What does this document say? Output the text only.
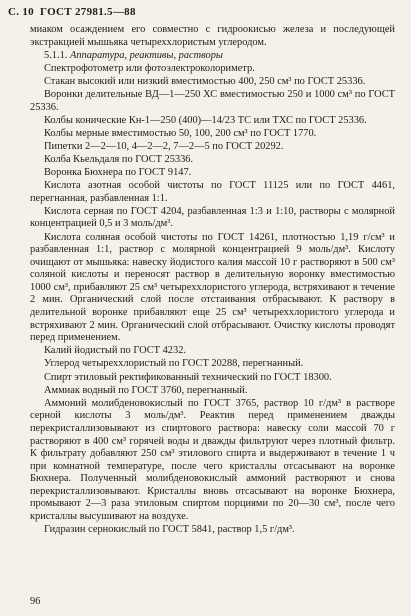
С. 10  ГОСТ 27981.5—88

миаком осаждением его совместно с гидроокисью железа и последующей экстракцией мышьяка четыреххлористым углеродом.

5.1.1. Аппаратура, реактивы, растворы

Спектрофотометр или фотоэлектроколориметр.

Стакан высокий или низкий вместимостью 400, 250 см³ по ГОСТ 25336.

Воронки делительные ВД—1—250 ХС вместимостью 250 и 1000 см³ по ГОСТ 25336.

Колбы конические Кн-1—250 (400)—14/23 ТС или ТХС по ГОСТ 25336.

Колбы мерные вместимостью 50, 100, 200 см³ по ГОСТ 1770.

Пипетки 2—2—10, 4—2—2, 7—2—5 по ГОСТ 20292.

Колба Кьельдаля по ГОСТ 25336.

Воронка Бюхнера по ГОСТ 9147.

Кислота азотная особой чистоты по ГОСТ 11125 или по ГОСТ 4461, перегнанная, разбавленная 1:1.

Кислота серная по ГОСТ 4204, разбавленная 1:3 и 1:10, растворы с молярной концентрацией 0,5 и 3 моль/дм³.

Кислота соляная особой чистоты по ГОСТ 14261, плотностью 1,19 г/см³ и разбавленная 1:1, раствор с молярной концентрацией 9 моль/дм³. Кислоту очищают от мышьяка: навеску йодистого калия массой 10 г растворяют в 500 см³ соляной кислоты и переносят раствор в делительную воронку вместимостью 1000 см³, прибавляют 25 см³ четыреххлористого углерода, встряхивают в течение 2 мин. Органический слой после отстаивания отбрасывают. К раствору в делительной воронке прибавляют еще 25 см³ четыреххлористого углерода и встряхивают 2 мин. Органический слой отбрасывают. Очистку кислоты проводят перед применением.

Калий йодистый по ГОСТ 4232.

Углерод четыреххлористый по ГОСТ 20288, перегнанный.

Спирт этиловый ректификованный технический по ГОСТ 18300.

Аммиак водный по ГОСТ 3760, перегнанный.

Аммоний молибденовокислый по ГОСТ 3765, раствор 10 г/дм³ в растворе серной кислоты 3 моль/дм³. Реактив перед применением дважды перекристаллизовывают из спиртового раствора: навеску соли массой 70 г растворяют в 400 см³ горячей воды и дважды фильтруют через плотный фильтр. К фильтрату добавляют 250 см³ этилового спирта и выдерживают в течение 1 ч при комнатной температуре, после чего кристаллы отсасывают на воронке Бюхнера. Полученный молибденовокислый аммоний растворяют и снова перекристаллизовывают. Кристаллы вновь отсасывают на воронке Бюхнера, промывают 2—3 раза этиловым спиртом порциями по 20—30 см³, после чего кристаллы высушивают на воздухе.

Гидразин сернокислый по ГОСТ 5841, раствор 1,5 г/дм³.

96
